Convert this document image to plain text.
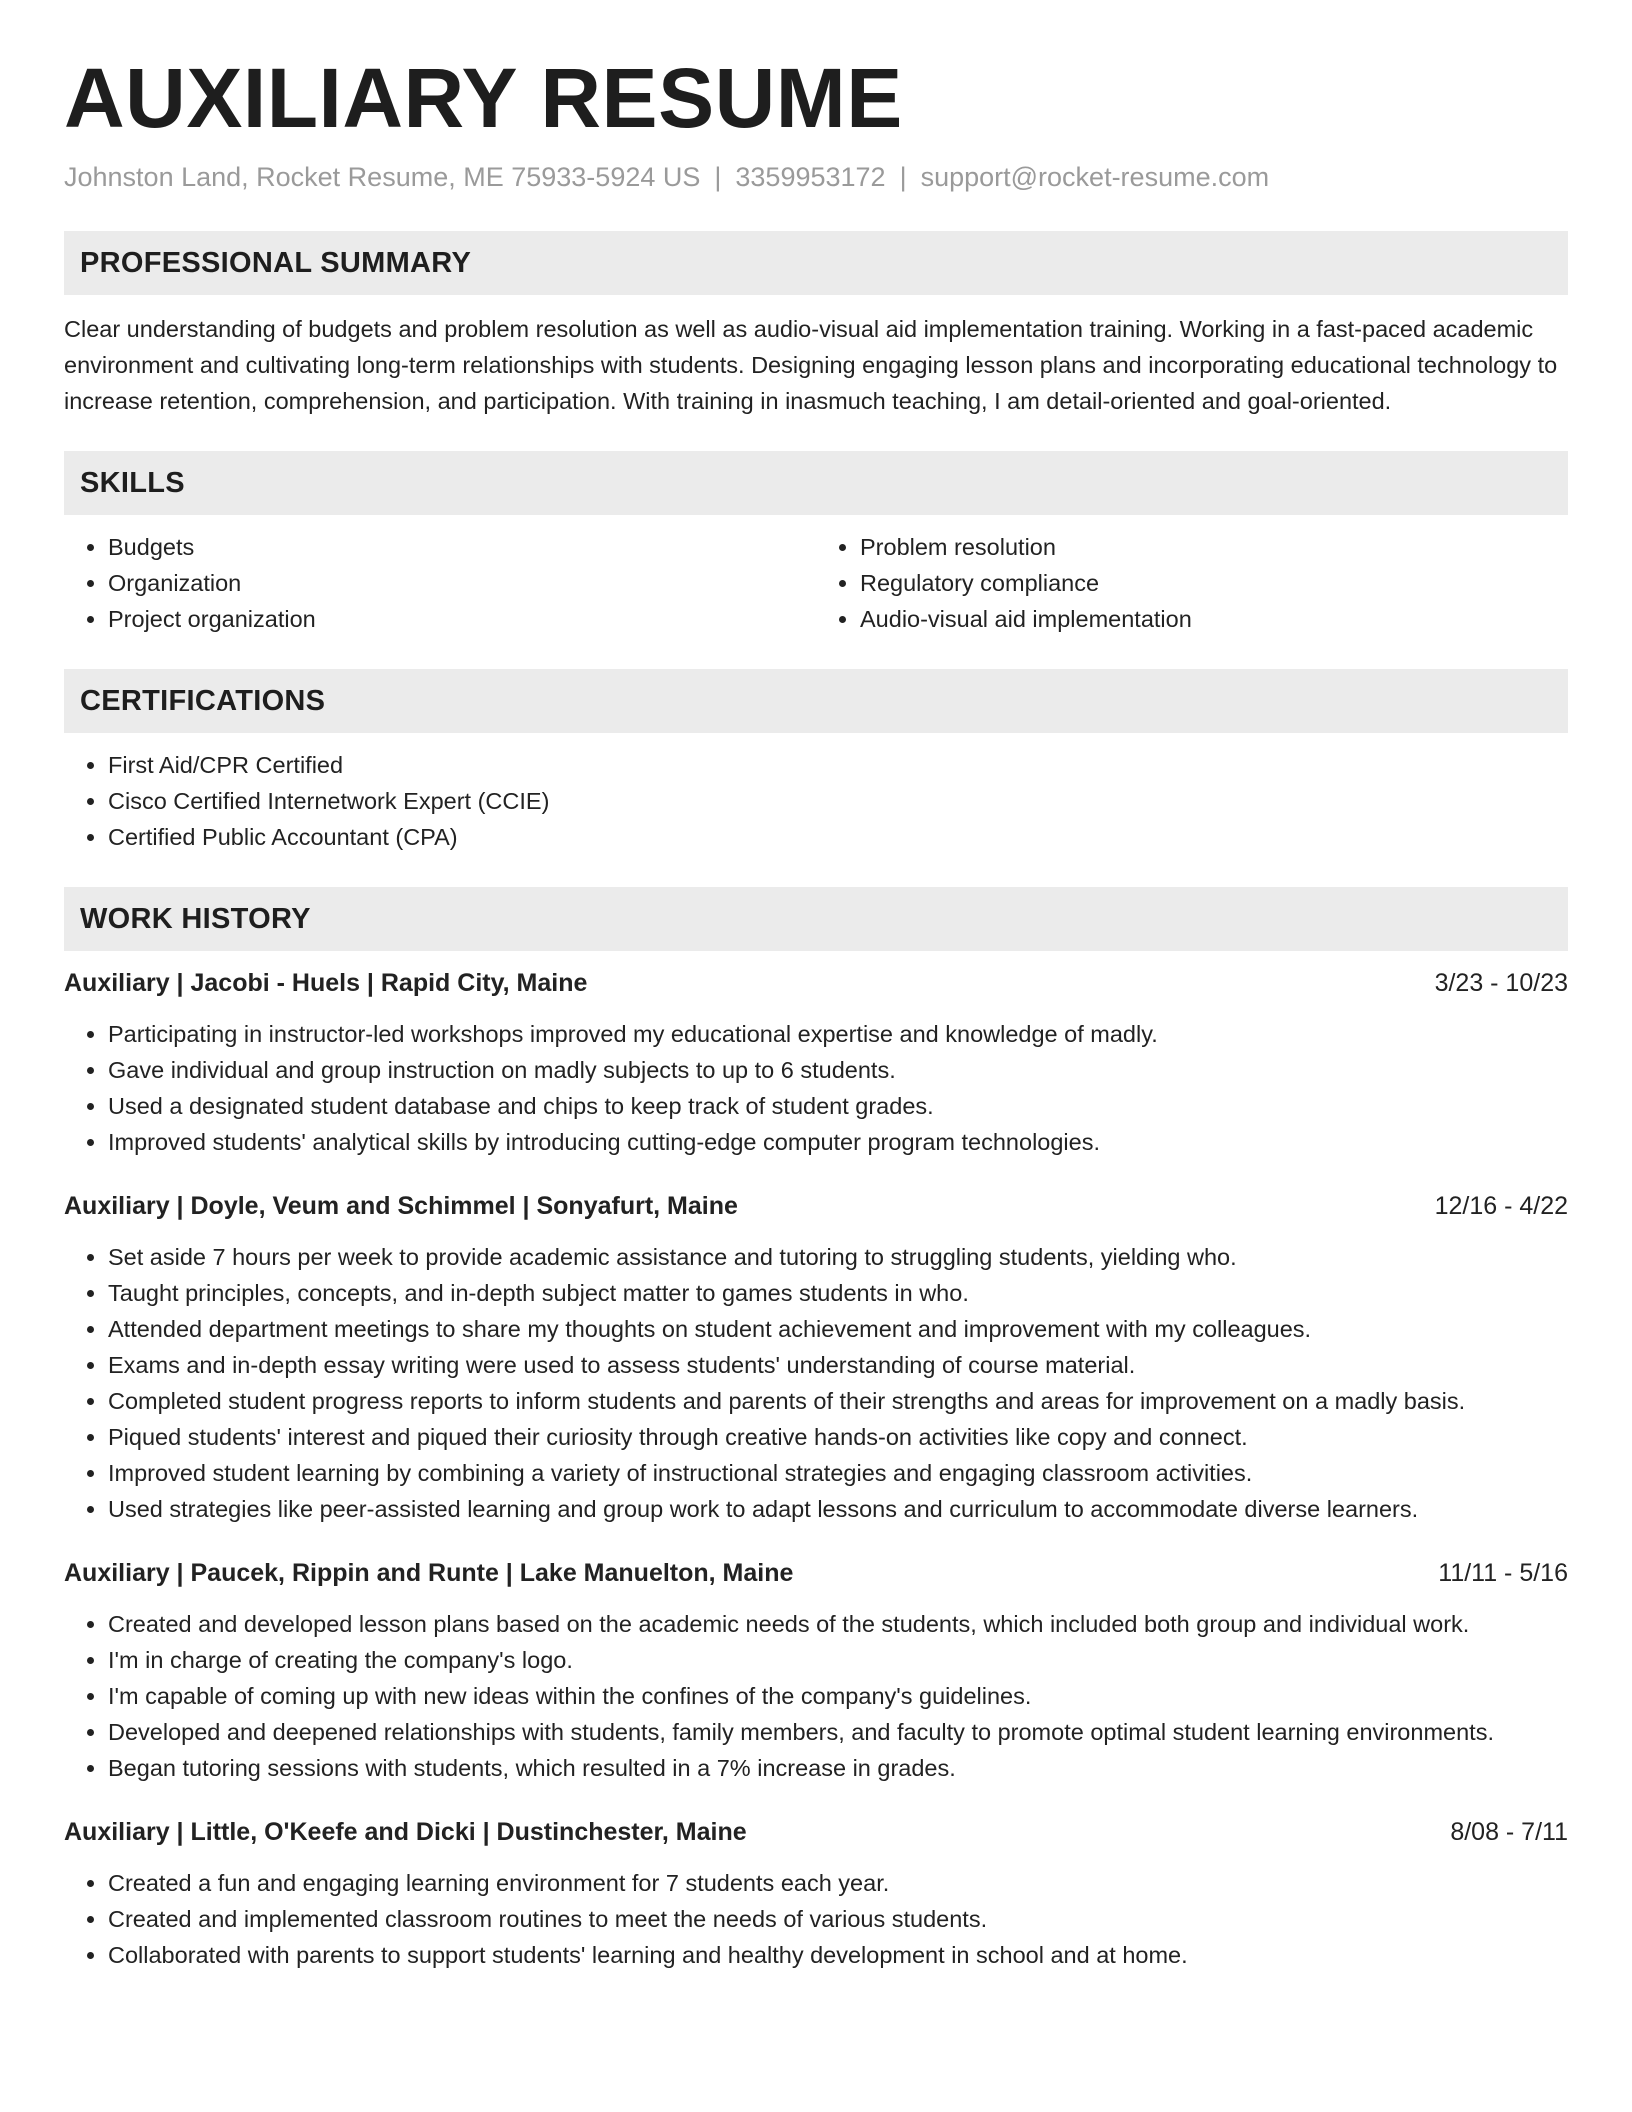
AUXILIARY RESUME
Johnston Land, Rocket Resume, ME 75933-5924 US | 3359953172 | support@rocket-resume.com
PROFESSIONAL SUMMARY

Clear understanding of budgets and problem resolution as well as audio-visual aid implementation training. Working in a fast-paced academic environment and cultivating long-term relationships with students. Designing engaging lesson plans and incorporating educational technology to increase retention, comprehension, and participation. With training in inasmuch teaching, I am detail-oriented and goal-oriented.

SKILLS
• Budgets
• Organization
• Project organization
• Problem resolution
• Regulatory compliance
• Audio-visual aid implementation
CERTIFICATIONS
• First Aid/CPR Certified
• Cisco Certified Internetwork Expert (CCIE)
• Certified Public Accountant (CPA)
WORK HISTORY
Auxiliary | Jacobi - Huels | Rapid City, Maine	3/23 - 10/23
• Participating in instructor-led workshops improved my educational expertise and knowledge of madly.
• Gave individual and group instruction on madly subjects to up to 6 students.
• Used a designated student database and chips to keep track of student grades.
• Improved students' analytical skills by introducing cutting-edge computer program technologies.
Auxiliary | Doyle, Veum and Schimmel | Sonyafurt, Maine	12/16 - 4/22
• Set aside 7 hours per week to provide academic assistance and tutoring to struggling students, yielding who.
• Taught principles, concepts, and in-depth subject matter to games students in who.
• Attended department meetings to share my thoughts on student achievement and improvement with my colleagues.
• Exams and in-depth essay writing were used to assess students' understanding of course material.
• Completed student progress reports to inform students and parents of their strengths and areas for improvement on a madly basis.
• Piqued students' interest and piqued their curiosity through creative hands-on activities like copy and connect.
• Improved student learning by combining a variety of instructional strategies and engaging classroom activities.
• Used strategies like peer-assisted learning and group work to adapt lessons and curriculum to accommodate diverse learners.
Auxiliary | Paucek, Rippin and Runte | Lake Manuelton, Maine	11/11 - 5/16
• Created and developed lesson plans based on the academic needs of the students, which included both group and individual work.
• I'm in charge of creating the company's logo.
• I'm capable of coming up with new ideas within the confines of the company's guidelines.
• Developed and deepened relationships with students, family members, and faculty to promote optimal student learning environments.
• Began tutoring sessions with students, which resulted in a 7% increase in grades.
Auxiliary | Little, O'Keefe and Dicki | Dustinchester, Maine	8/08 - 7/11
• Created a fun and engaging learning environment for 7 students each year.
• Created and implemented classroom routines to meet the needs of various students.
• Collaborated with parents to support students' learning and healthy development in school and at home.
